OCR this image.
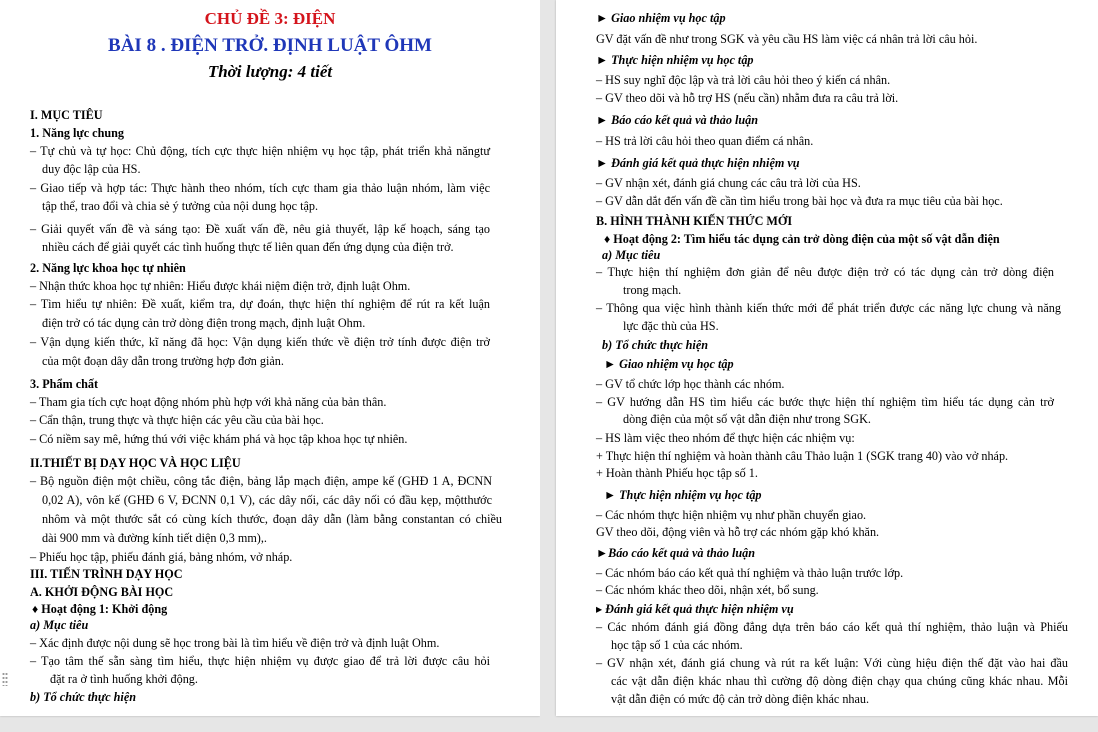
CHỦ ĐỀ 3: ĐIỆN
BÀI 8 . ĐIỆN TRỞ. ĐỊNH LUẬT ÔHM
Thời lượng: 4 tiết
I. MỤC TIÊU
1. Năng lực chung
– Tự chủ và tự học: Chủ động, tích cực thực hiện nhiệm vụ học tập, phát triển khả năngtư
duy độc lập của HS.
– Giao tiếp và hợp tác: Thực hành theo nhóm, tích cực tham gia thảo luận nhóm, làm việc
tập thể, trao đổi và chia sẻ ý tưởng của nội dung học tập.
– Giải quyết vấn đề và sáng tạo: Đề xuất vấn đề, nêu giả thuyết, lập kế hoạch, sáng tạo
nhiều cách để giải quyết các tình huống thực tế liên quan đến ứng dụng của điện trở.
2. Năng lực khoa học tự nhiên
– Nhận thức khoa học tự nhiên: Hiểu được khái niệm điện trở, định luật Ohm.
– Tìm hiểu tự nhiên: Đề xuất, kiểm tra, dự đoán, thực hiện thí nghiệm để rút ra kết luận
điện trở có tác dụng cản trở dòng điện trong mạch, định luật Ohm.
– Vận dụng kiến thức, kĩ năng đã học: Vận dụng kiến thức về điện trở tính được điện trở
của một đoạn dây dẫn trong trường hợp đơn giản.
3. Phẩm chất
– Tham gia tích cực hoạt động nhóm phù hợp với khả năng của bản thân.
– Cẩn thận, trung thực và thực hiện các yêu cầu của bài học.
– Có niềm say mê, hứng thú với việc khám phá và học tập khoa học tự nhiên.
II.THIẾT BỊ DẠY HỌC VÀ HỌC LIỆU
– Bộ nguồn điện một chiều, công tắc điện, bảng lắp mạch điện, ampe kế (GHĐ 1 A, ĐCNN
0,02 A), vôn kế (GHĐ 6 V, ĐCNN 0,1 V), các dây nối, các dây nối có đầu kẹp, mộtthước
nhôm và một thước sắt có cùng kích thước, đoạn dây dẫn (làm bằng constantan có chiều
dài 900 mm và đường kính tiết diện 0,3 mm),.
– Phiếu học tập, phiếu đánh giá, bảng nhóm, vở nháp.
III. TIẾN TRÌNH DẠY HỌC
A. KHỞI ĐỘNG BÀI HỌC
♦ Hoạt động 1: Khởi động
a) Mục tiêu
– Xác định được nội dung sẽ học trong bài là tìm hiểu về điện trở và định luật Ohm.
– Tạo tâm thế sẵn sàng tìm hiểu, thực hiện nhiệm vụ được giao để trả lời được câu hỏi
đặt ra ở tình huống khởi động.
b) Tổ chức thực hiện
► Giao nhiệm vụ học tập
GV đặt vấn đề như trong SGK và yêu cầu HS làm việc cá nhân trả lời câu hỏi.
► Thực hiện nhiệm vụ học tập
– HS suy nghĩ độc lập và trả lời câu hỏi theo ý kiến cá nhân.
– GV theo dõi và hỗ trợ HS (nếu cần) nhằm đưa ra câu trả lời.
► Báo cáo kết quả và thảo luận
– HS trả lời câu hỏi theo quan điểm cá nhân.
► Đánh giá kết quả thực hiện nhiệm vụ
– GV nhận xét, đánh giá chung các câu trả lời của HS.
– GV dẫn dắt đến vấn đề cần tìm hiểu trong bài học và đưa ra mục tiêu của bài học.
B. HÌNH THÀNH KIẾN THỨC MỚI
♦ Hoạt động 2: Tìm hiểu tác dụng cản trở dòng điện của một số vật dẫn điện
a) Mục tiêu
– Thực hiện thí nghiệm đơn giản để nêu được điện trở có tác dụng cản trở dòng điện
trong mạch.
– Thông qua việc hình thành kiến thức mới để phát triển được các năng lực chung và năng
lực đặc thù của HS.
b) Tổ chức thực hiện
► Giao nhiệm vụ học tập
– GV tổ chức lớp học thành các nhóm.
– GV hướng dẫn HS tìm hiểu các bước thực hiện thí nghiệm tìm hiểu tác dụng cản trở
dòng điện của một số vật dẫn điện như trong SGK.
– HS làm việc theo nhóm để thực hiện các nhiệm vụ:
+ Thực hiện thí nghiệm và hoàn thành câu Thảo luận 1 (SGK trang 40) vào vở nháp.
+ Hoàn thành Phiếu học tập số 1.
► Thực hiện nhiệm vụ học tập
– Các nhóm thực hiện nhiệm vụ như phần chuyển giao.
GV theo dõi, động viên và hỗ trợ các nhóm gặp khó khăn.
►Báo cáo kết quả và thảo luận
– Các nhóm báo cáo kết quả thí nghiệm và thảo luận trước lớp.
– Các nhóm khác theo dõi, nhận xét, bổ sung.
▸ Đánh giá kết quả thực hiện nhiệm vụ
– Các nhóm đánh giá đồng đẳng dựa trên báo cáo kết quả thí nghiệm, thảo luận và Phiếu
học tập số 1 của các nhóm.
– GV nhận xét, đánh giá chung và rút ra kết luận: Với cùng hiệu điện thế đặt vào hai đầu
các vật dẫn điện khác nhau thì cường độ dòng điện chạy qua chúng cũng khác nhau. Mỗi
vật dẫn điện có mức độ cản trở dòng điện khác nhau.
